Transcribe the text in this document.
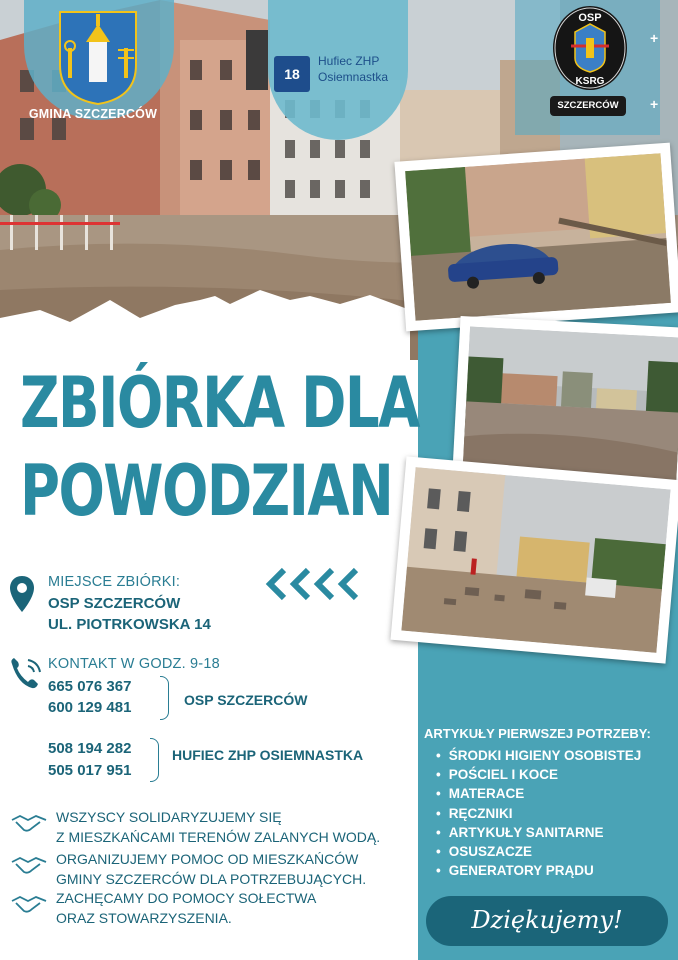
GMINA SZCZERCÓW
18
Hufiec ZHP
Osiemnastka
OSP
KSRG
SZCZERCÓW
+
+
ZBIÓRKA DLA
POWODZIAN
MIEJSCE ZBIÓRKI:
OSP SZCZERCÓW
UL. PIOTRKOWSKA 14
KONTAKT W GODZ. 9-18
665 076 367
600 129 481	OSP SZCZERCÓW
508 194 282
505 017 951
HUFIEC ZHP OSIEMNASTKA
ARTYKUŁY PIERWSZEJ POTRZEBY:
• ŚRODKI HIGIENY OSOBISTEJ
• POŚCIEL I KOCE
• MATERACE
• RĘCZNIKI
• ARTYKUŁY SANITARNE
• OSUSZACZE
• GENERATORY PRĄDU
Dziękujemy!
WSZYSCY SOLIDARYZUJEMY SIĘ
Z MIESZKAŃCAMI TERENÓW ZALANYCH WODĄ.
ORGANIZUJEMY POMOC OD MIESZKAŃCÓW
GMINY SZCZERCÓW DLA POTRZEBUJĄCYCH.
ZACHĘCAMY DO POMOCY SOŁECTWA
ORAZ STOWARZYSZENIA.
